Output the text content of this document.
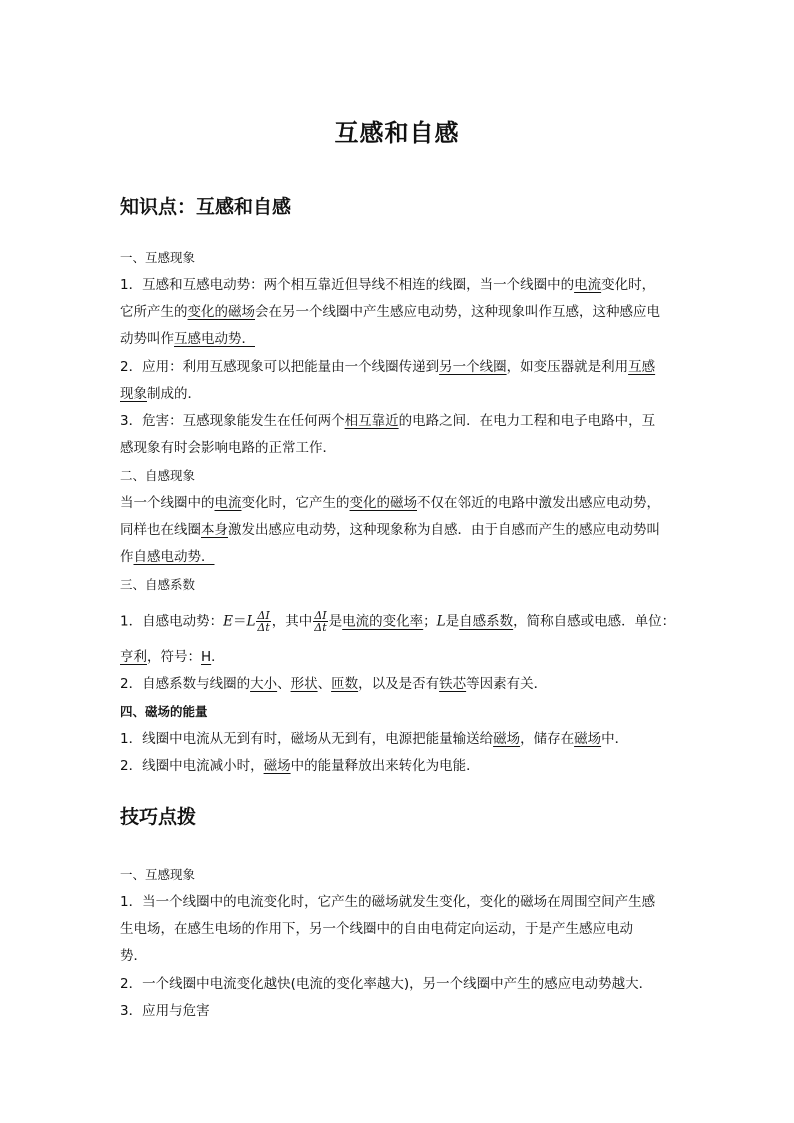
互感和自感
知识点：互感和自感
一、互感现象
1．互感和互感电动势：两个相互靠近但导线不相连的线圈，当一个线圈中的电流变化时，
它所产生的变化的磁场会在另一个线圈中产生感应电动势，这种现象叫作互感，这种感应电
动势叫作互感电动势．
2．应用：利用互感现象可以把能量由一个线圈传递到另一个线圈，如变压器就是利用互感
现象制成的．
3．危害：互感现象能发生在任何两个相互靠近的电路之间．在电力工程和电子电路中，互
感现象有时会影响电路的正常工作．
二、自感现象
当一个线圈中的电流变化时，它产生的变化的磁场不仅在邻近的电路中激发出感应电动势，
同样也在线圈本身激发出感应电动势，这种现象称为自感．由于自感而产生的感应电动势叫
作自感电动势．
三、自感系数
1．自感电动势：$E=L \frac{\Delta I}{\Delta t}$ ，其中 $\frac{\Delta I}{\Delta t}$ 是电流的变化率；L是自感系数，简称自感或电感．单位：
亨利，符号：H．
2．自感系数与线圈的大小、形状、匝数，以及是否有铁芯等因素有关．
四、磁场的能量
1．线圈中电流从无到有时，磁场从无到有，电源把能量输送给磁场，储存在磁场中．
2．线圈中电流减小时，磁场中的能量释放出来转化为电能．
技巧点拨
一、互感现象
1．当一个线圈中的电流变化时，它产生的磁场就发生变化，变化的磁场在周围空间产生感
生电场，在感生电场的作用下，另一个线圈中的自由电荷定向运动，于是产生感应电动
势．
2．一个线圈中电流变化越快(电流的变化率越大)，另一个线圈中产生的感应电动势越大．
3．应用与危害
